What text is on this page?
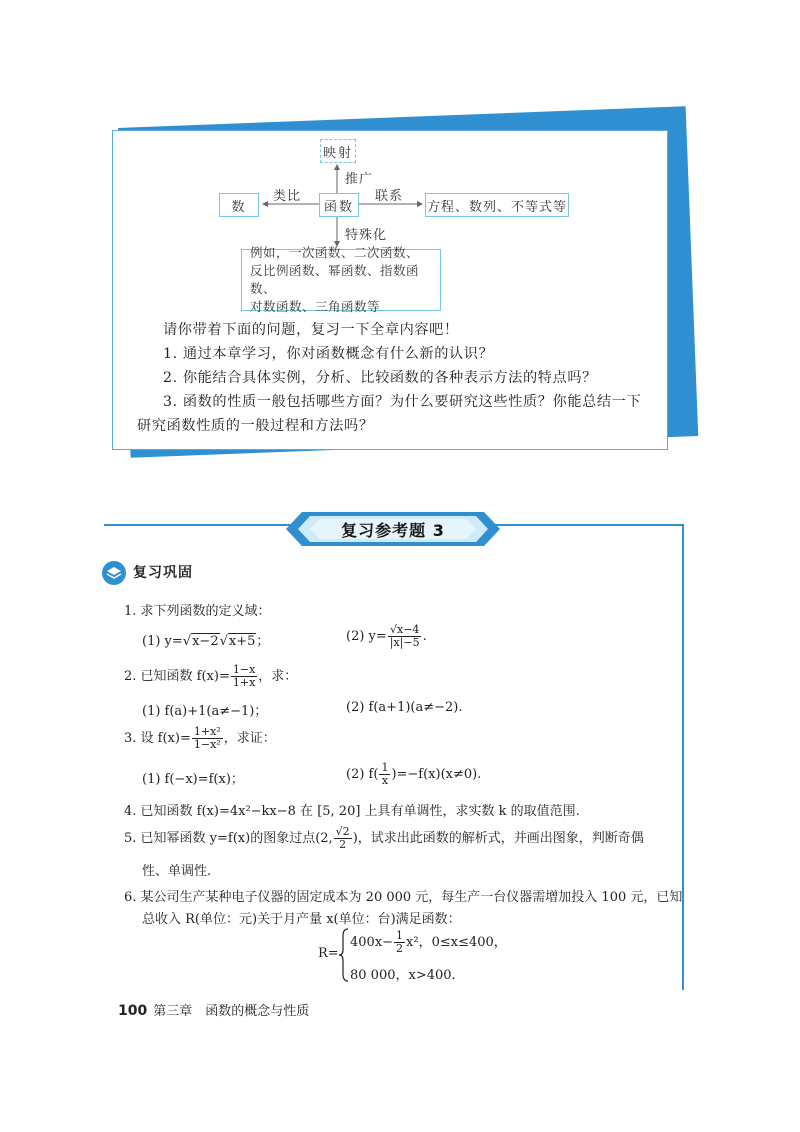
映射
推广
类比	联系
数	函数	方程、数列、不等式等
特殊化
例如，一次函数、二次函数、
反比例函数、幂函数、指数函数、
对数函数、三角函数等
请你带着下面的问题，复习一下全章内容吧！
1. 通过本章学习，你对函数概念有什么新的认识？
2. 你能结合具体实例，分析、比较函数的各种表示方法的特点吗？
3. 函数的性质一般包括哪些方面？为什么要研究这些性质？你能总结一下
研究函数性质的一般过程和方法吗？
复习参考题 3
复习巩固
1. 求下列函数的定义域：
(1) y=√x−2√x+5；	(2) $y= \frac{√x-4}{|x|-5}$ .
2. 已知函数 $f(x)= \frac{1-x}{1+x}$ ，求：
(1) f(a)+1(a≠−1)；	(2) f(a+1)(a≠−2).
3. 设 $f(x)= \frac{\text{1+x²}}{\text{1−x²}}$ ，求证：
(1) f(−x)=f(x)；	(2) $f( \frac{1}{x} )=-f(x)(x\ne 0)$.
4. 已知函数 f(x)=4x²−kx−8 在 [5, 20] 上具有单调性，求实数 k 的取值范围.
5. 已知幂函数 y=f(x)的图象过点(2, $\frac{√2}{2}$ )，试求出此函数的解析式，并画出图象，判断奇偶
性、单调性.
6. 某公司生产某种电子仪器的固定成本为 20 000 元，每生产一台仪器需增加投入 100 元，已知
总收入 R(单位：元)关于月产量 x(单位：台)满足函数：
R=
$400x- \frac{1}{2} x^2$，0≤x≤400，
80 000，x>400.
100 第三章　函数的概念与性质
